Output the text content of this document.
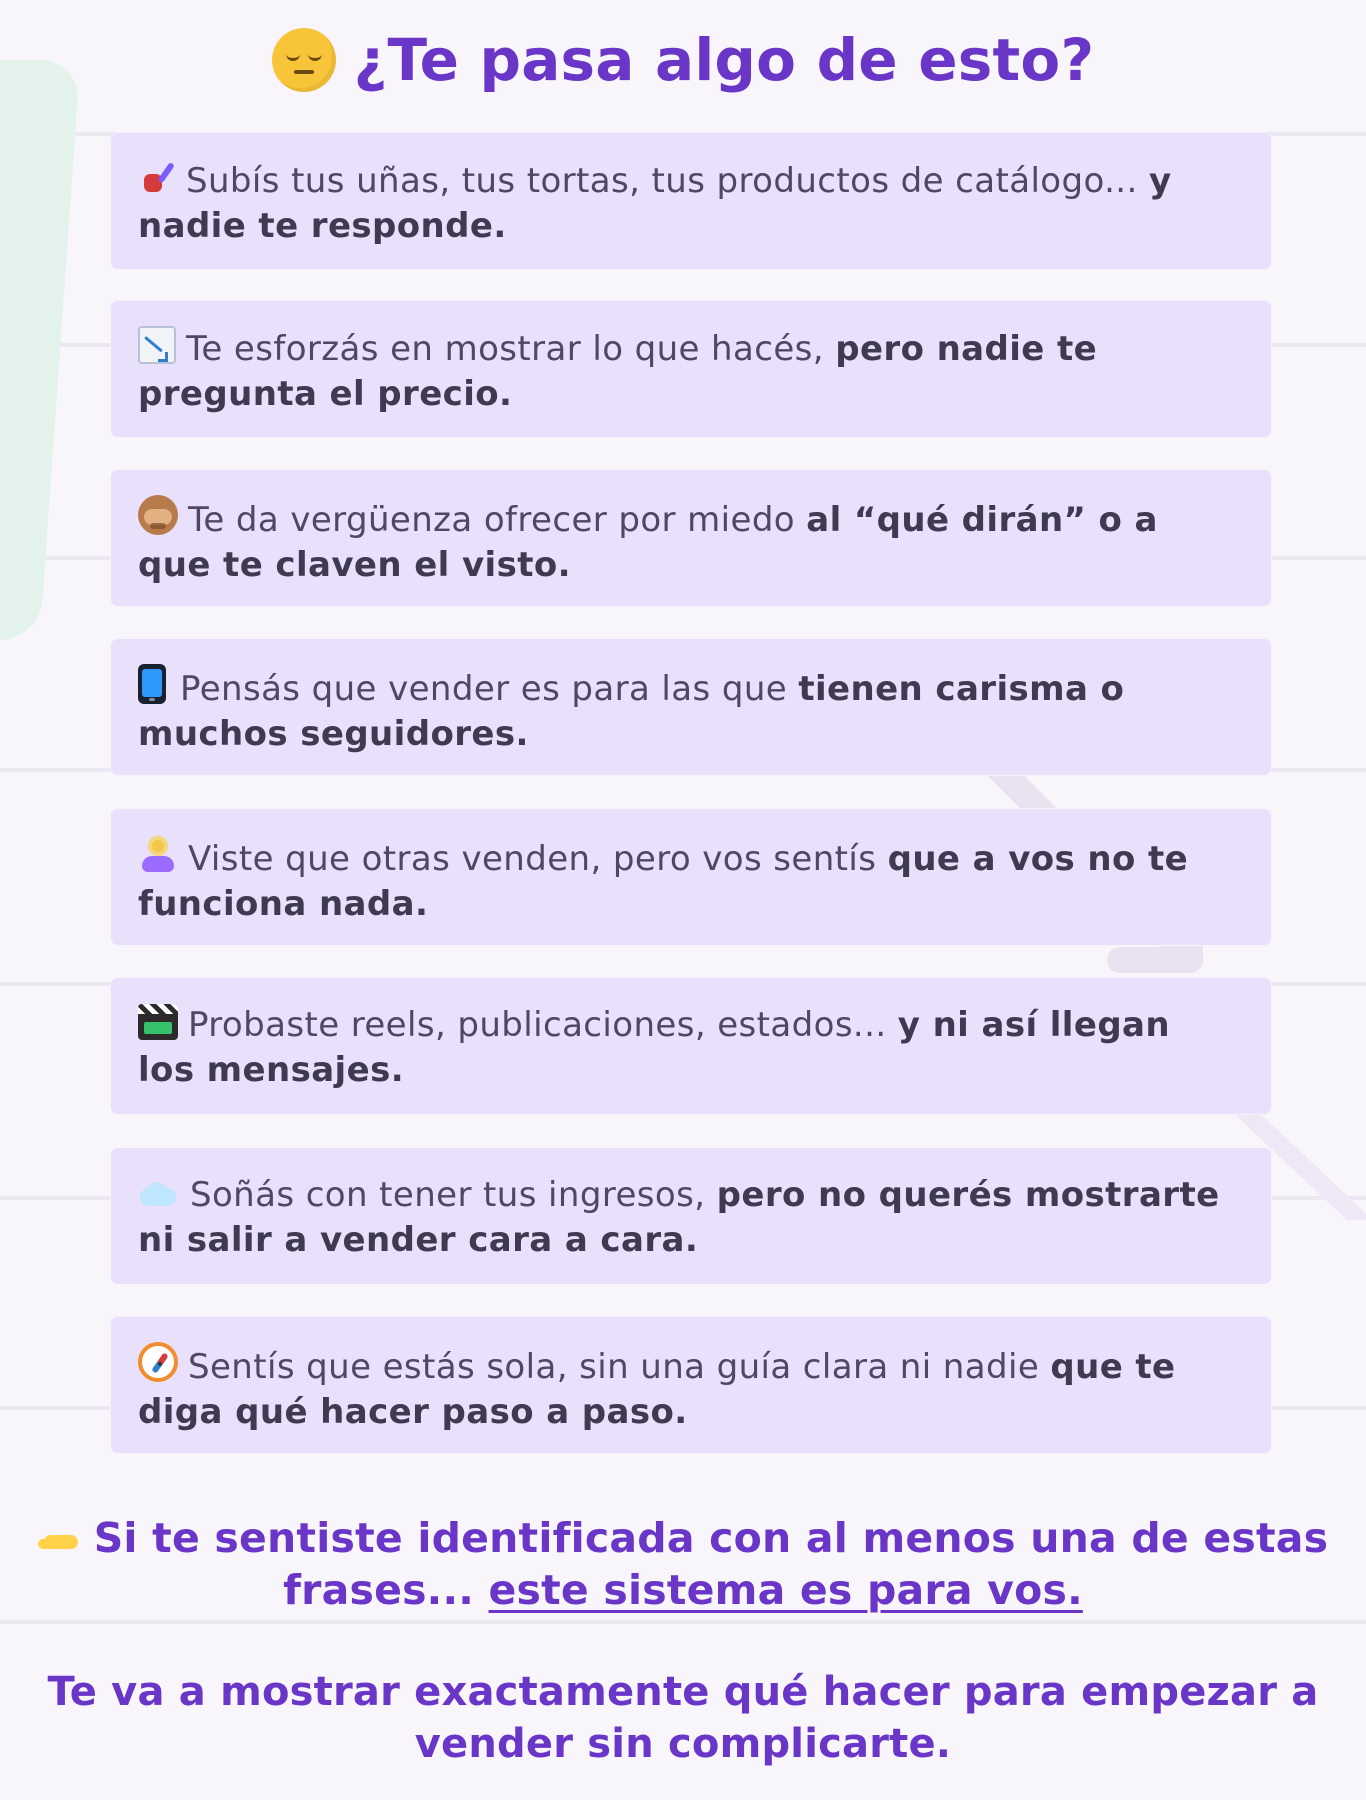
¿Te pasa algo de esto?
Subís tus uñas, tus tortas, tus productos de catálogo... y nadie te responde.
Te esforzás en mostrar lo que hacés, pero nadie te pregunta el precio.
Te da vergüenza ofrecer por miedo al “qué dirán” o a que te claven el visto.
Pensás que vender es para las que tienen carisma o muchos seguidores.
Viste que otras venden, pero vos sentís que a vos no te funciona nada.
Probaste reels, publicaciones, estados... y ni así llegan los mensajes.
Soñás con tener tus ingresos, pero no querés mostrarte ni salir a vender cara a cara.
Sentís que estás sola, sin una guía clara ni nadie que te diga qué hacer paso a paso.
Si te sentiste identificada con al menos una de estas frases... este sistema es para vos.
Te va a mostrar exactamente qué hacer para empezar a vender sin complicarte.
